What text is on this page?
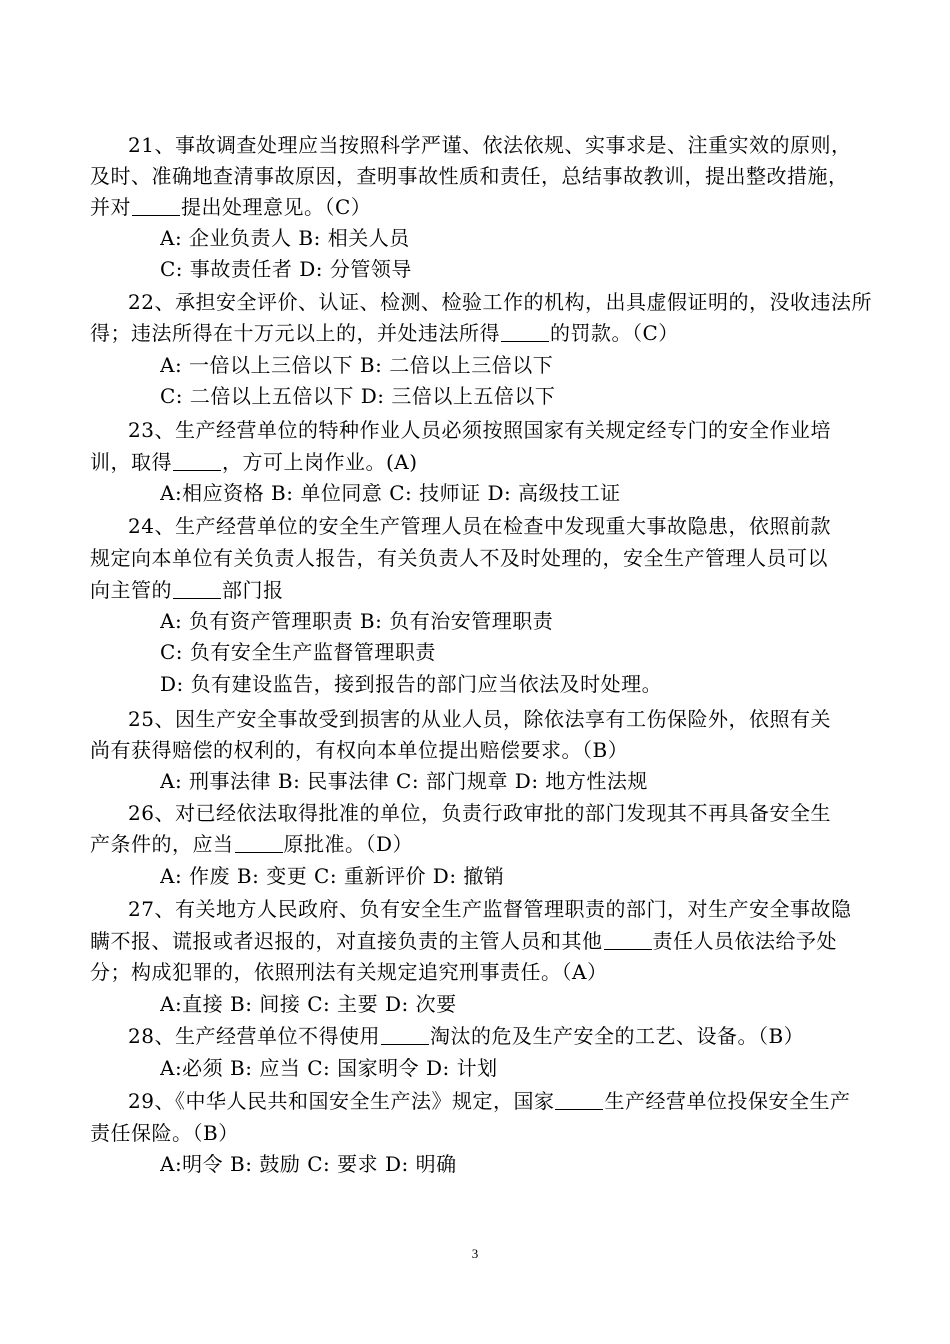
21、事故调查处理应当按照科学严谨、依法依规、实事求是、注重实效的原则，
及时、准确地查清事故原因，查明事故性质和责任，总结事故教训，提出整改措施，
并对	提出处理意见。（C）
A: 企业负责人 B: 相关人员
C: 事故责任者 D: 分管领导
22、承担安全评价、认证、检测、检验工作的机构，出具虚假证明的，没收违法所
得；违法所得在十万元以上的，并处违法所得	的罚款。（C）
A: 一倍以上三倍以下 B: 二倍以上三倍以下
C: 二倍以上五倍以下 D: 三倍以上五倍以下
23、生产经营单位的特种作业人员必须按照国家有关规定经专门的安全作业培
训，取得	，方可上岗作业。(A)
A:相应资格 B: 单位同意 C: 技师证 D: 高级技工证
24、生产经营单位的安全生产管理人员在检查中发现重大事故隐患，依照前款
规定向本单位有关负责人报告，有关负责人不及时处理的，安全生产管理人员可以
向主管的	部门报
A: 负有资产管理职责 B: 负有治安管理职责
C: 负有安全生产监督管理职责
D: 负有建设监告，接到报告的部门应当依法及时处理。
25、因生产安全事故受到损害的从业人员，除依法享有工伤保险外，依照有关
尚有获得赔偿的权利的，有权向本单位提出赔偿要求。（B）
A: 刑事法律 B: 民事法律 C: 部门规章 D: 地方性法规
26、对已经依法取得批准的单位，负责行政审批的部门发现其不再具备安全生
产条件的，应当	原批准。（D）
A: 作废 B: 变更 C: 重新评价 D: 撤销
27、有关地方人民政府、负有安全生产监督管理职责的部门，对生产安全事故隐
瞒不报、谎报或者迟报的，对直接负责的主管人员和其他	责任人员依法给予处
分；构成犯罪的，依照刑法有关规定追究刑事责任。（A）
A:直接 B: 间接 C: 主要 D: 次要
28、生产经营单位不得使用	淘汰的危及生产安全的工艺、设备。（B）
A:必须 B: 应当 C: 国家明令 D: 计划
29、《中华人民共和国安全生产法》规定，国家	生产经营单位投保安全生产
责任保险。（B）
A:明令 B: 鼓励 C: 要求 D: 明确
3
